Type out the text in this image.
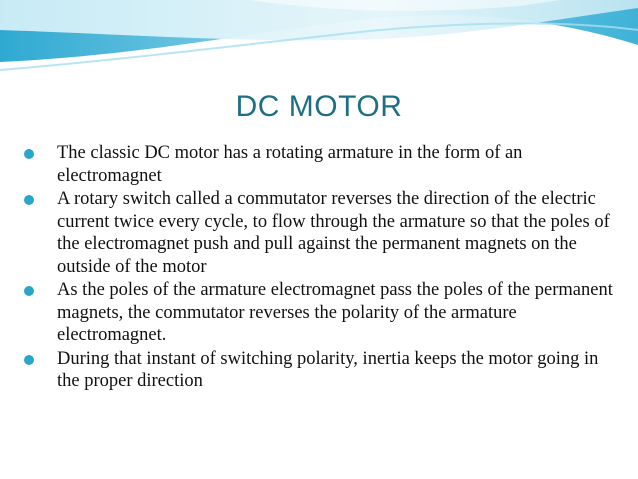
DC MOTOR
The classic DC motor has a rotating armature in the form of an electromagnet
A rotary switch called a commutator reverses the direction of the electric current twice every cycle, to flow through the armature so that the poles of the electromagnet push and pull against the permanent magnets on the outside of the motor
As the poles of the armature electromagnet pass the poles of the permanent magnets, the commutator reverses the polarity of the armature electromagnet.
During that instant of switching polarity, inertia keeps the motor going in the proper direction
